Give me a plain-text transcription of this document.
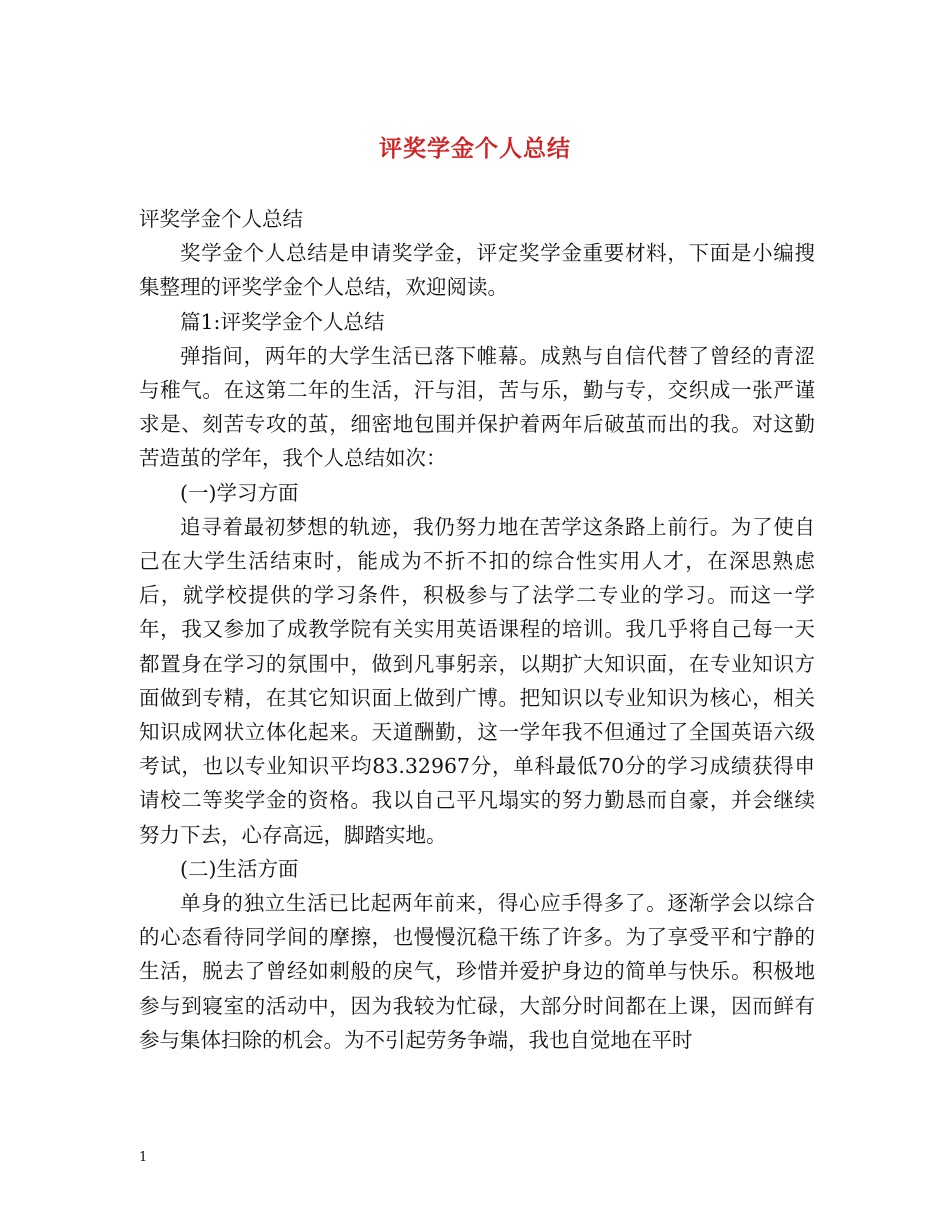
评奖学金个人总结

评奖学金个人总结

奖学金个人总结是申请奖学金，评定奖学金重要材料，下面是小编搜集整理的评奖学金个人总结，欢迎阅读。

篇1:评奖学金个人总结

弹指间，两年的大学生活已落下帷幕。成熟与自信代替了曾经的青涩与稚气。在这第二年的生活，汗与泪，苦与乐，勤与专，交织成一张严谨求是、刻苦专攻的茧，细密地包围并保护着两年后破茧而出的我。对这勤苦造茧的学年，我个人总结如次：

(一)学习方面

追寻着最初梦想的轨迹，我仍努力地在苦学这条路上前行。为了使自己在大学生活结束时，能成为不折不扣的综合性实用人才，在深思熟虑后，就学校提供的学习条件，积极参与了法学二专业的学习。而这一学年，我又参加了成教学院有关实用英语课程的培训。我几乎将自己每一天都置身在学习的氛围中，做到凡事躬亲，以期扩大知识面，在专业知识方面做到专精，在其它知识面上做到广博。把知识以专业知识为核心，相关知识成网状立体化起来。天道酬勤，这一学年我不但通过了全国英语六级考试，也以专业知识平均83.32967分，单科最低70分的学习成绩获得申请校二等奖学金的资格。我以自己平凡塌实的努力勤恳而自豪，并会继续努力下去，心存高远，脚踏实地。

(二)生活方面

单身的独立生活已比起两年前来，得心应手得多了。逐渐学会以综合的心态看待同学间的摩擦，也慢慢沉稳干练了许多。为了享受平和宁静的生活，脱去了曾经如刺般的戾气，珍惜并爱护身边的简单与快乐。积极地参与到寝室的活动中，因为我较为忙碌，大部分时间都在上课，因而鲜有参与集体扫除的机会。为不引起劳务争端，我也自觉地在平时

1
